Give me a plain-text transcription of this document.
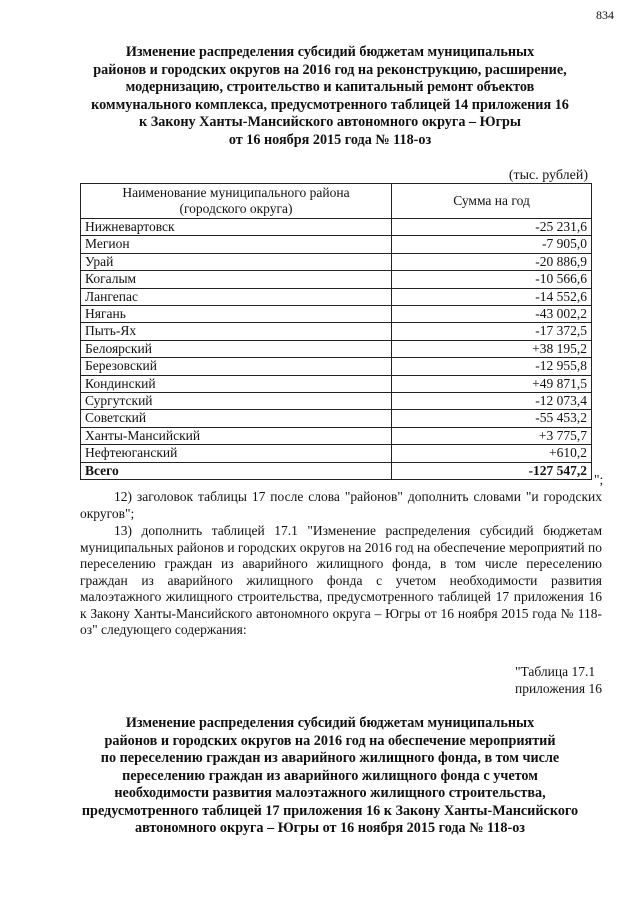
834
Изменение распределения субсидий бюджетам муниципальных
районов и городских округов на 2016 год на реконструкцию, расширение,
модернизацию, строительство и капитальный ремонт объектов
коммунального комплекса, предусмотренного таблицей 14 приложения 16
к Закону Ханты-Мансийского автономного округа – Югры
от 16 ноября 2015 года № 118-оз
(тыс. рублей)
Наименование муниципального района
(городского округа)	Сумма на год
Нижневартовск	-25 231,6
Мегион	-7 905,0
Урай	-20 886,9
Когалым	-10 566,6
Лангепас	-14 552,6
Нягань	-43 002,2
Пыть-Ях	-17 372,5
Белоярский	+38 195,2
Березовский	-12 955,8
Кондинский	+49 871,5
Сургутский	-12 073,4
Советский	-55 453,2
Ханты-Мансийский	+3 775,7
Нефтеюганский	+610,2
Всего	-127 547,2
";
12) заголовок таблицы 17 после слова "районов" дополнить словами "и городских округов";
13) дополнить таблицей 17.1 "Изменение распределения субсидий бюджетам муниципальных районов и городских округов на 2016 год на обеспечение мероприятий по переселению граждан из аварийного жилищного фонда, в том числе переселению граждан из аварийного жилищного фонда с учетом необходимости развития малоэтажного жилищного строительства, предусмотренного таблицей 17 приложения 16 к Закону Ханты-Мансийского автономного округа – Югры от 16 ноября 2015 года № 118-оз" следующего содержания:
"Таблица 17.1
приложения 16
Изменение распределения субсидий бюджетам муниципальных
районов и городских округов на 2016 год на обеспечение мероприятий
по переселению граждан из аварийного жилищного фонда, в том числе
переселению граждан из аварийного жилищного фонда с учетом
необходимости развития малоэтажного жилищного строительства,
предусмотренного таблицей 17 приложения 16 к Закону Ханты-Мансийского
автономного округа – Югры от 16 ноября 2015 года № 118-оз
